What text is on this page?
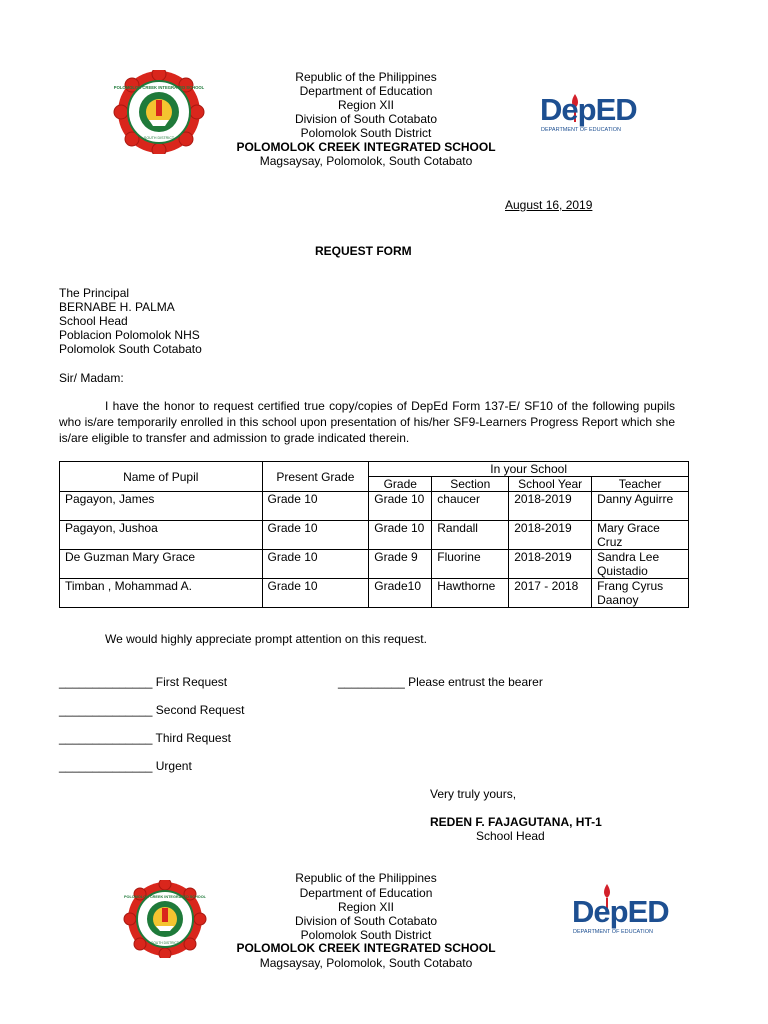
POLOMOLOK CREEK INTEGRATED SCHOOL
SOUTH DISTRICT
Republic of the Philippines
Department of Education
Region XII
Division of South Cotabato
Polomolok South District
POLOMOLOK CREEK INTEGRATED SCHOOL
Magsaysay, Polomolok, South Cotabato
DepED
DEPARTMENT OF EDUCATION
August 16, 2019
REQUEST FORM
The Principal
BERNABE H. PALMA
School Head
Poblacion Polomolok NHS
Polomolok South Cotabato
Sir/ Madam:
I have the honor to request certified true copy/copies of DepEd Form 137-E/ SF10 of the following pupils who is/are temporarily enrolled in this school upon presentation of his/her SF9-Learners Progress Report which she is/are eligible to transfer and admission to grade indicated therein.
Name of Pupil	Present Grade	In your School			
		Grade	Section	School Year	Teacher
Pagayon, James	Grade 10	Grade 10	chaucer	2018-2019	Danny Aguirre
Pagayon, Jushoa	Grade 10	Grade 10	Randall	2018-2019	Mary Grace Cruz
De Guzman Mary Grace	Grade 10	Grade 9	Fluorine	2018-2019	Sandra Lee Quistadio
Timban , Mohammad A.	Grade 10	Grade10	Hawthorne	2017 - 2018	Frang Cyrus Daanoy
We would highly appreciate prompt attention on this request.
______________ First Request	__________ Please entrust the bearer
______________ Second Request
______________ Third Request
______________ Urgent
Very truly yours,
REDEN F. FAJAGUTANA, HT-1
School Head
POLOMOLOK CREEK INTEGRATED SCHOOL
SOUTH DISTRICT
Republic of the Philippines
Department of Education
Region XII
Division of South Cotabato
Polomolok South District
POLOMOLOK CREEK INTEGRATED SCHOOL
Magsaysay, Polomolok, South Cotabato
DepED
DEPARTMENT OF EDUCATION
